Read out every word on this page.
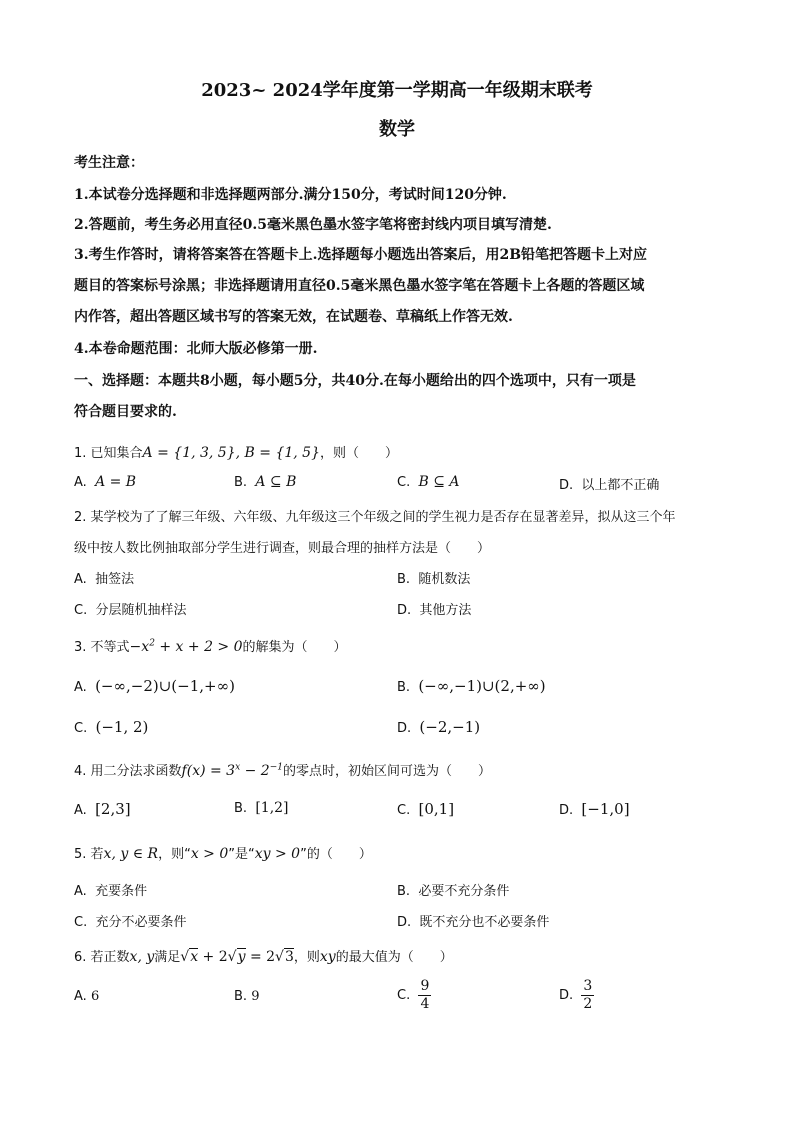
2023~ 2024学年度第一学期高一年级期末联考
数学
考生注意：
1.本试卷分选择题和非选择题两部分.满分150分，考试时间120分钟.
2.答题前，考生务必用直径0.5毫米黑色墨水签字笔将密封线内项目填写清楚.
3.考生作答时，请将答案答在答题卡上.选择题每小题选出答案后，用2B铅笔把答题卡上对应
题目的答案标号涂黑；非选择题请用直径0.5毫米黑色墨水签字笔在答题卡上各题的答题区域
内作答，超出答题区域书写的答案无效，在试题卷、草稿纸上作答无效.
4.本卷命题范围：北师大版必修第一册.
一、选择题：本题共8小题，每小题5分，共40分.在每小题给出的四个选项中，只有一项是
符合题目要求的.
1. 已知集合A = {1, 3, 5}, B = {1, 5}，则（　　）
A. A = B	B. A ⊆ B	C. B ⊆ A	D. 以上都不正确
2. 某学校为了了解三年级、六年级、九年级这三个年级之间的学生视力是否存在显著差异，拟从这三个年
级中按人数比例抽取部分学生进行调查，则最合理的抽样方法是（　　）
A. 抽签法	B. 随机数法
C. 分层随机抽样法	D. 其他方法
3. 不等式$-x^2 + x + 2 > 0$的解集为（　　）
A. (−∞,−2)∪(−1,+∞)	B. (−∞,−1)∪(2,+∞)
C. (−1, 2)	D. (−2,−1)
4. 用二分法求函数$f(x) = 3^x - 2^{-1}$的零点时，初始区间可选为（　　）
A. [2,3]	B. [1,2]	C. [0,1]	D. [−1,0]
5. 若x, y ∈ R，则“x > 0”是“xy > 0”的（　　）
A. 充要条件	B. 必要不充分条件
C. 充分不必要条件	D. 既不充分也不必要条件
6. 若正数x, y满足√x + 2√y = 2√3，则xy的最大值为（　　）
A. 6	B. 9	C. $\frac{9}{4}$	D. $\frac{3}{2}$
